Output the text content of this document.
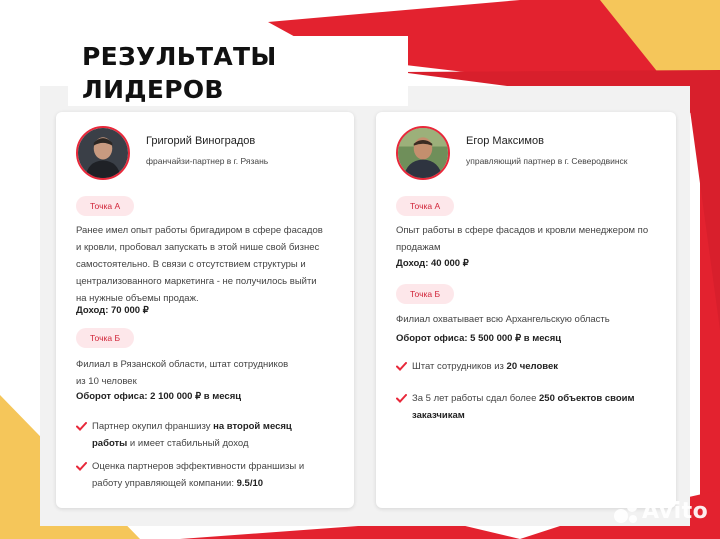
РЕЗУЛЬТАТЫ ЛИДЕРОВ
Григорий Виноградов
франчайзи-партнер в г. Рязань
Точка А
Ранее имел опыт работы бригадиром в сфере фасадов
и кровли, пробовал запускать в этой нише свой бизнес
самостоятельно. В связи с отсутствием структуры и
централизованного маркетинга - не получилось выйти
на нужные объемы продаж.
Доход: 70 000 ₽
Точка Б
Филиал в Рязанской области, штат сотрудников
из 10 человек
Оборот офиса: 2 100 000 ₽ в месяц
Партнер окупил франшизу на второй месяц
работы и имеет стабильный доход
Оценка партнеров эффективности франшизы и
работу управляющей компании: 9.5/10
Егор Максимов
управляющий партнер в г. Северодвинск
Точка А
Опыт работы в сфере фасадов и кровли менеджером по
продажам
Доход: 40 000 ₽
Точка Б
Филиал охватывает всю Архангельскую область
Оборот офиса: 5 500 000 ₽ в месяц
Штат сотрудников из 20 человек
За 5 лет работы сдал более 250 объектов своим
заказчикам
Avito
